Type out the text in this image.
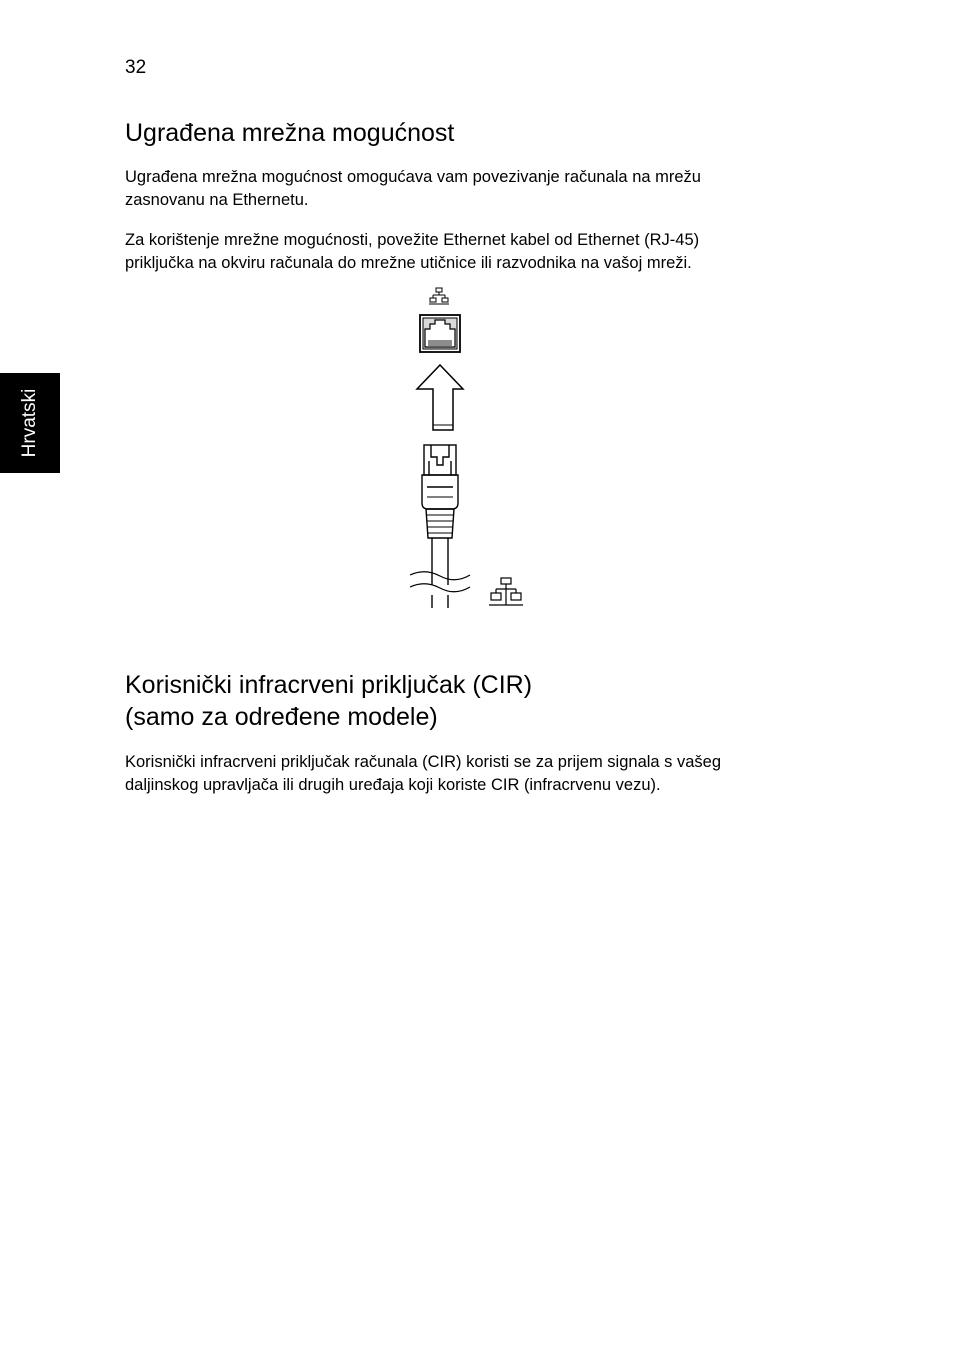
32
Hrvatski
Ugrađena mrežna mogućnost

Ugrađena mrežna mogućnost omogućava vam povezivanje računala na mrežu
zasnovanu na Ethernetu.

Za korištenje mrežne mogućnosti, povežite Ethernet kabel od Ethernet (RJ-45)
priključka na okviru računala do mrežne utičnice ili razvodnika na vašoj mreži.

Korisnički infracrveni priključak (CIR)
(samo za određene modele)

Korisnički infracrveni priključak računala (CIR) koristi se za prijem signala s vašeg
daljinskog upravljača ili drugih uređaja koji koriste CIR (infracrvenu vezu).
